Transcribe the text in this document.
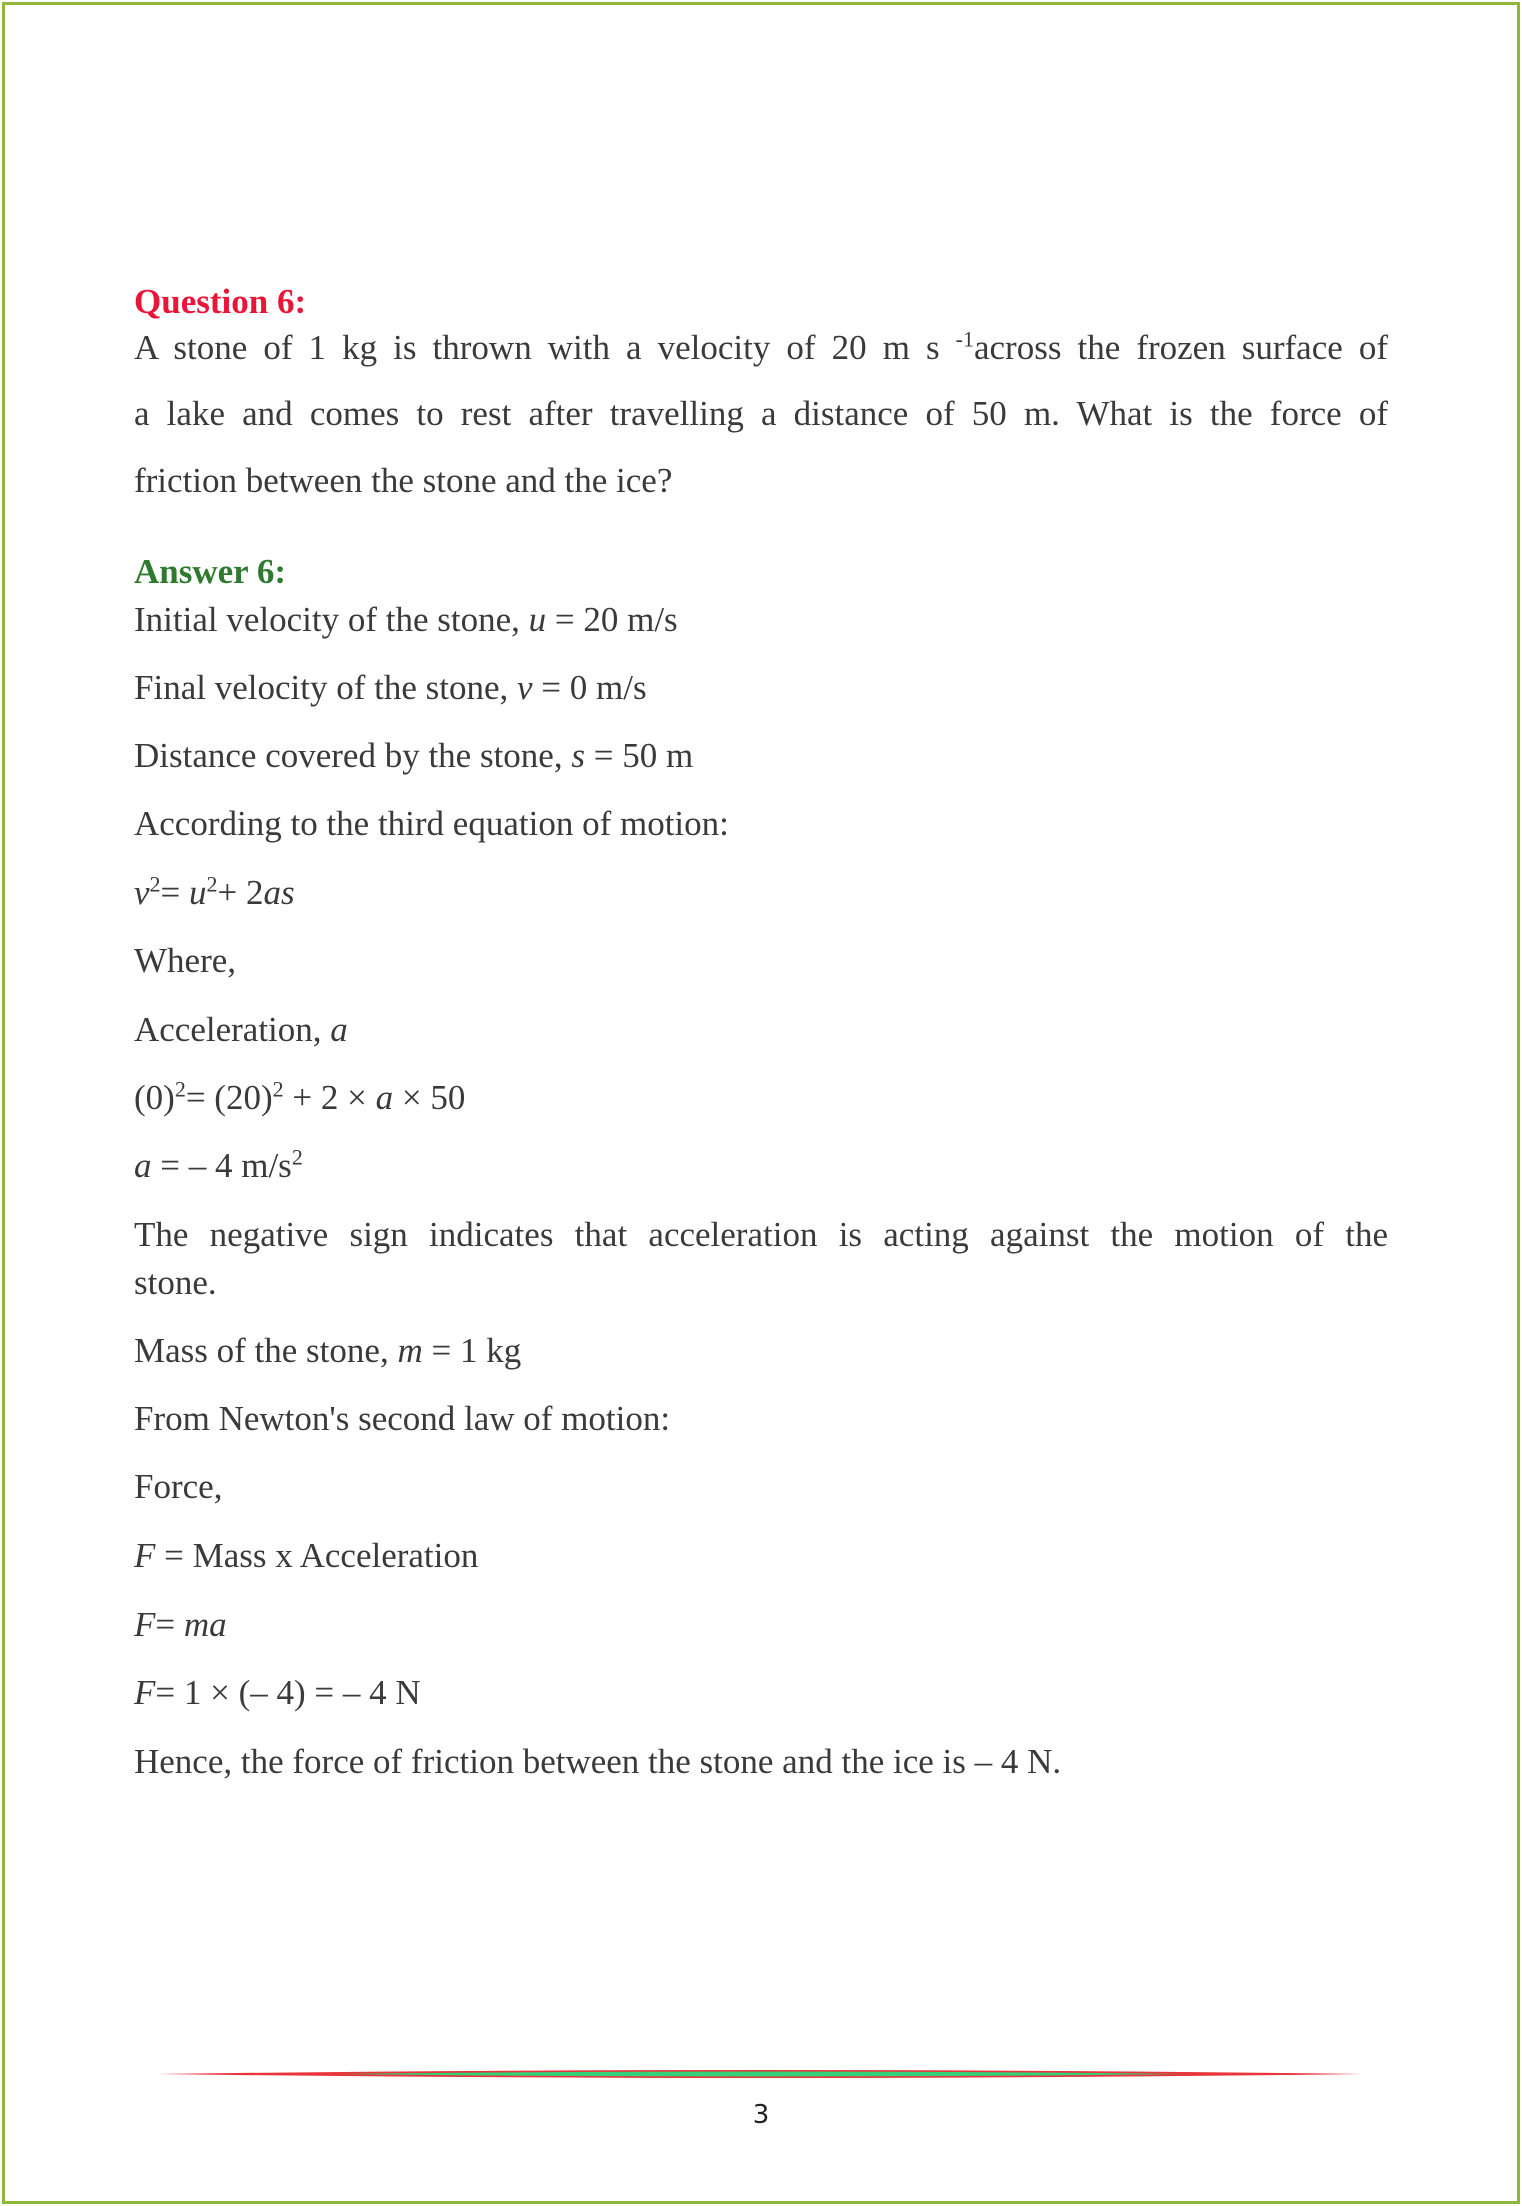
Question 6:
A stone of 1 kg is thrown with a velocity of 20 m s $^{-1}$across the frozen surface of
a lake and comes to rest after travelling a distance of 50 m. What is the force of
friction between the stone and the ice?
Answer 6:
Initial velocity of the stone, u = 20 m/s
Final velocity of the stone, v = 0 m/s
Distance covered by the stone, s = 50 m
According to the third equation of motion:
$v^2= u^2+ 2as$
Where,
Acceleration, a
$(0)^2= (20)^2 + 2 \times a \times 50$
a = – 4 $m/s^2$
The negative sign indicates that acceleration is acting against the motion of the
stone.
Mass of the stone, m = 1 kg
From Newton's second law of motion:
Force,
F = Mass x Acceleration
F= ma
F= 1 × (– 4) = – 4 N
Hence, the force of friction between the stone and the ice is – 4 N.
3
